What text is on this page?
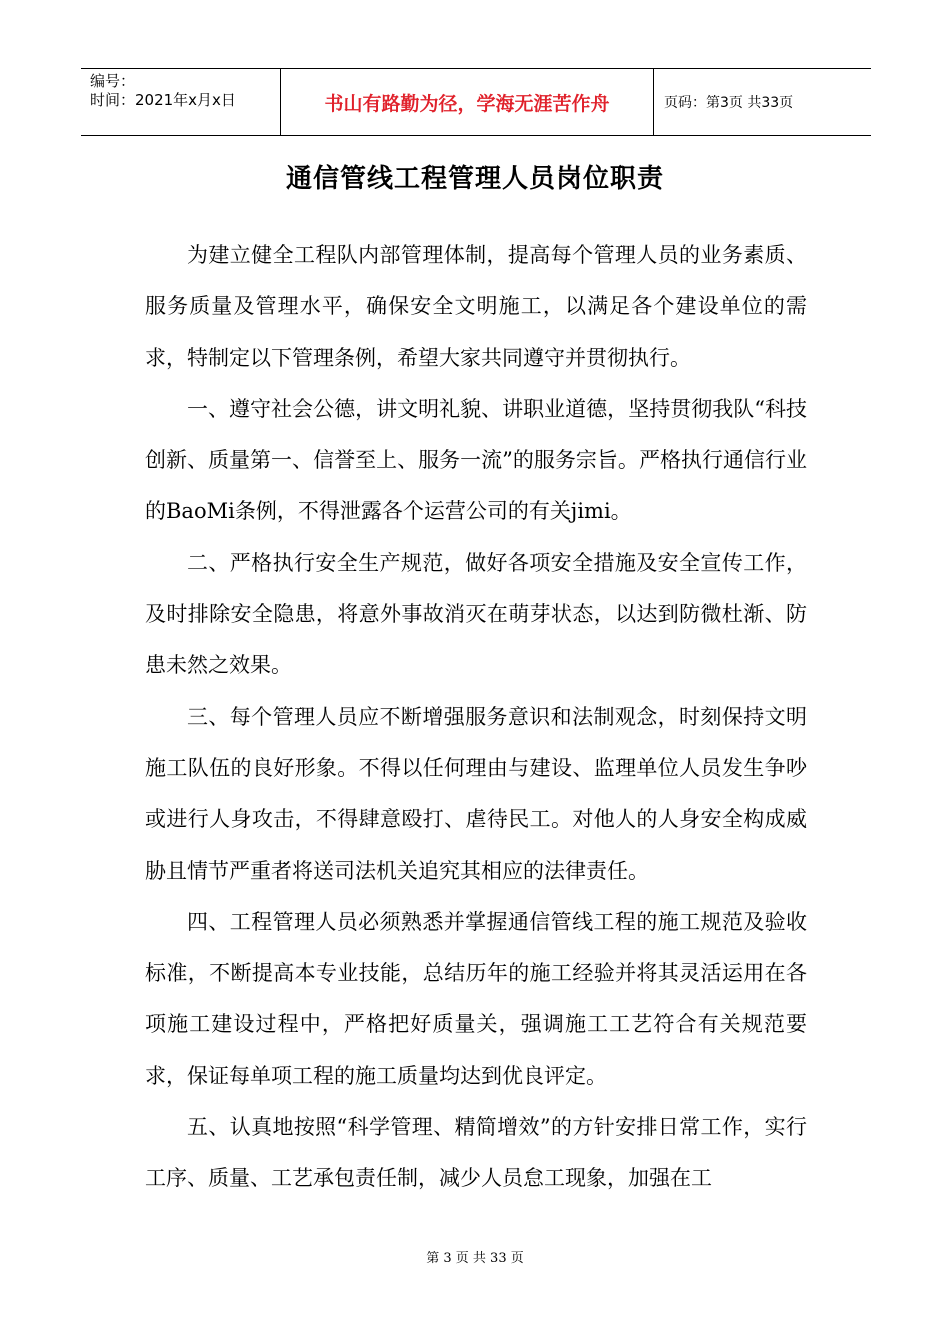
编号：
时间：2021年x月x日	书山有路勤为径，学海无涯苦作舟	页码：第3页 共33页
通信管线工程管理人员岗位职责

为建立健全工程队内部管理体制，提高每个管理人员的业务素质、服务质量及管理水平，确保安全文明施工，以满足各个建设单位的需求，特制定以下管理条例，希望大家共同遵守并贯彻执行。

一、遵守社会公德，讲文明礼貌、讲职业道德，坚持贯彻我队“科技创新、质量第一、信誉至上、服务一流”的服务宗旨。严格执行通信行业的BaoMi条例，不得泄露各个运营公司的有关jimi。

二、严格执行安全生产规范，做好各项安全措施及安全宣传工作，及时排除安全隐患，将意外事故消灭在萌芽状态，以达到防微杜渐、防患未然之效果。

三、每个管理人员应不断增强服务意识和法制观念，时刻保持文明施工队伍的良好形象。不得以任何理由与建设、监理单位人员发生争吵或进行人身攻击，不得肆意殴打、虐待民工。对他人的人身安全构成威胁且情节严重者将送司法机关追究其相应的法律责任。

四、工程管理人员必须熟悉并掌握通信管线工程的施工规范及验收标准，不断提高本专业技能，总结历年的施工经验并将其灵活运用在各项施工建设过程中，严格把好质量关，强调施工工艺符合有关规范要求，保证每单项工程的施工质量均达到优良评定。

五、认真地按照“科学管理、精简增效”的方针安排日常工作，实行工序、质量、工艺承包责任制，减少人员怠工现象，加强在工

第 3 页 共 33 页
